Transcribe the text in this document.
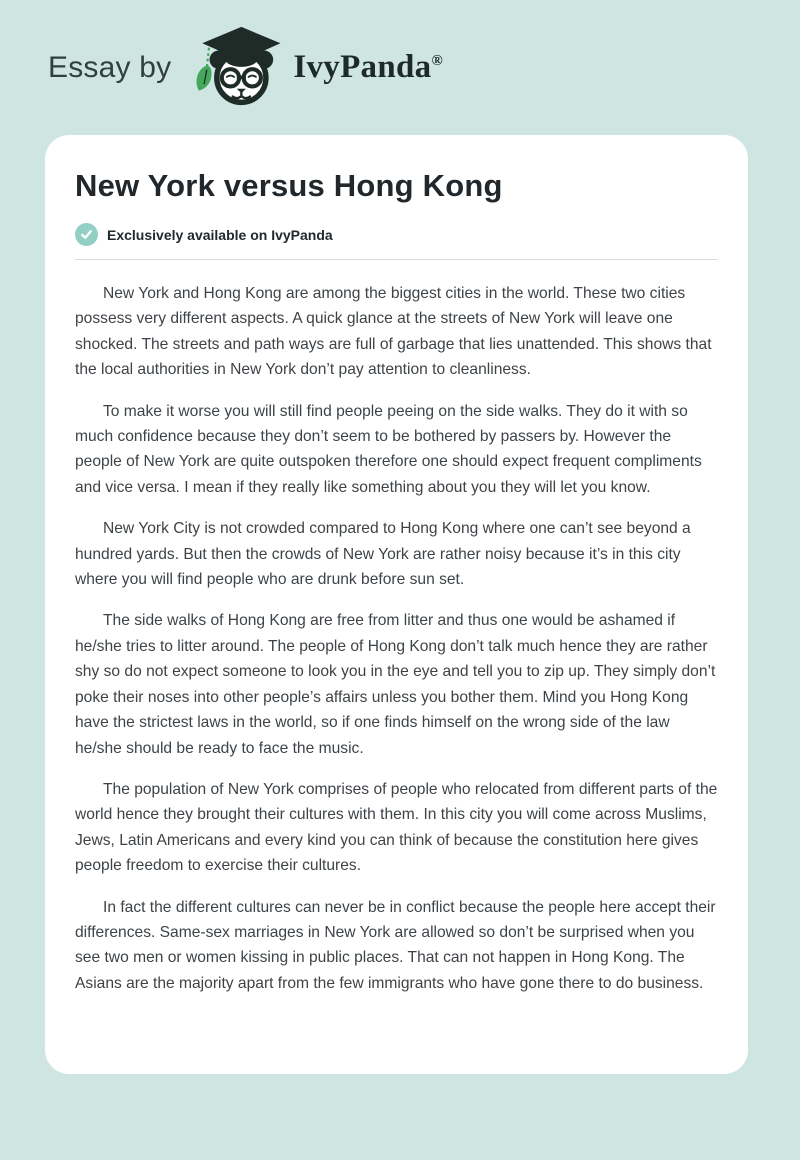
Essay by	IvyPanda®
New York versus Hong Kong
Exclusively available on IvyPanda

New York and Hong Kong are among the biggest cities in the world. These two cities possess very different aspects. A quick glance at the streets of New York will leave one shocked. The streets and path ways are full of garbage that lies unattended. This shows that the local authorities in New York don’t pay attention to cleanliness.

To make it worse you will still find people peeing on the side walks. They do it with so much confidence because they don’t seem to be bothered by passers by. However the people of New York are quite outspoken therefore one should expect frequent compliments and vice versa. I mean if they really like something about you they will let you know.

New York City is not crowded compared to Hong Kong where one can’t see beyond a hundred yards. But then the crowds of New York are rather noisy because it’s in this city where you will find people who are drunk before sun set.

The side walks of Hong Kong are free from litter and thus one would be ashamed if he/she tries to litter around. The people of Hong Kong don’t talk much hence they are rather shy so do not expect someone to look you in the eye and tell you to zip up. They simply don’t poke their noses into other people’s affairs unless you bother them. Mind you Hong Kong have the strictest laws in the world, so if one finds himself on the wrong side of the law he/she should be ready to face the music.

The population of New York comprises of people who relocated from different parts of the world hence they brought their cultures with them. In this city you will come across Muslims, Jews, Latin Americans and every kind you can think of because the constitution here gives people freedom to exercise their cultures.

In fact the different cultures can never be in conflict because the people here accept their differences. Same-sex marriages in New York are allowed so don’t be surprised when you see two men or women kissing in public places. That can not happen in Hong Kong. The Asians are the majority apart from the few immigrants who have gone there to do business.
